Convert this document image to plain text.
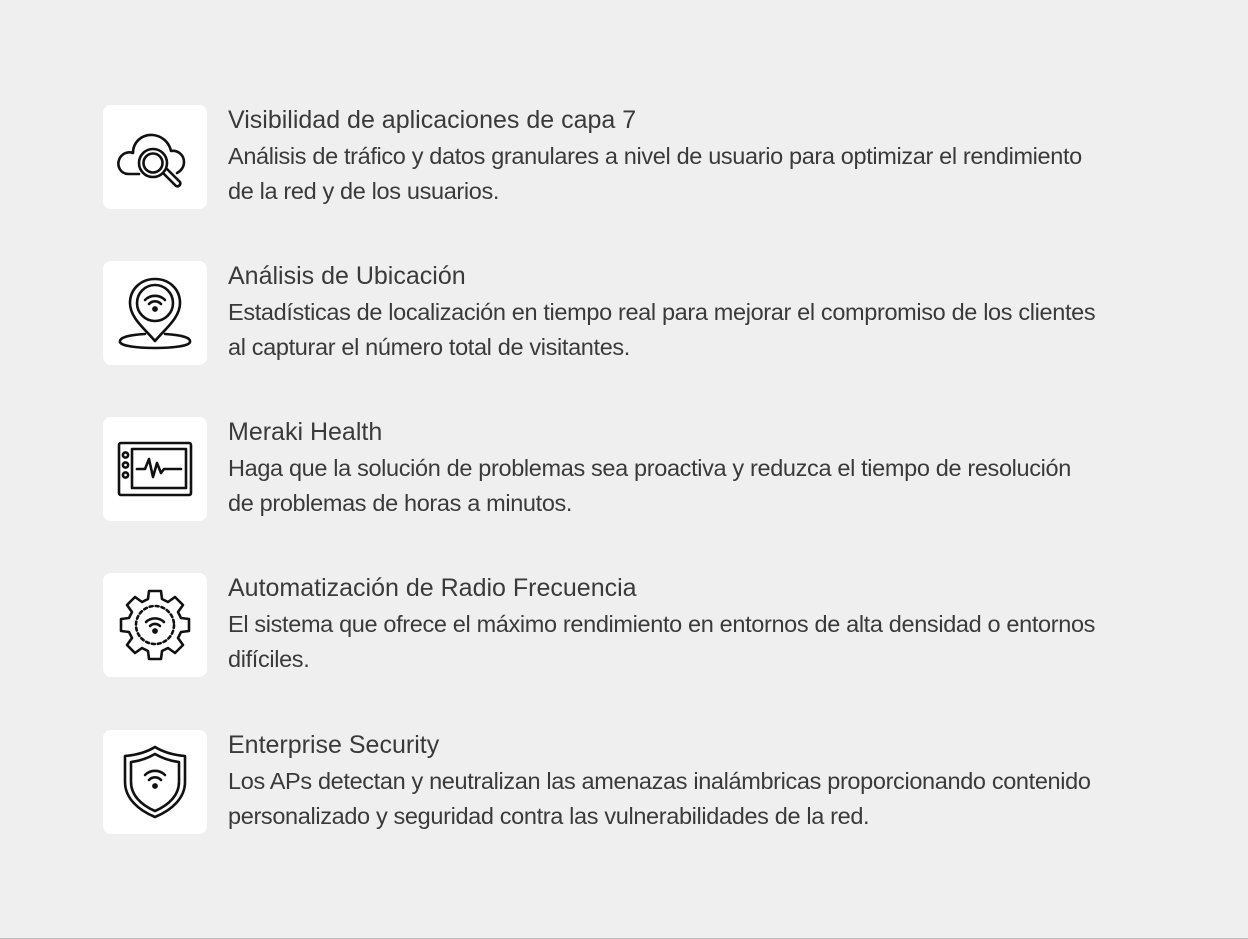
Visibilidad de aplicaciones de capa 7

Análisis de tráfico y datos granulares a nivel de usuario para optimizar el rendimiento de la red y de los usuarios.

Análisis de Ubicación

Estadísticas de localización en tiempo real para mejorar el compromiso de los clientes al capturar el número total de visitantes.

Meraki Health

Haga que la solución de problemas sea proactiva y reduzca el tiempo de resolución de problemas de horas a minutos.

Automatización de Radio Frecuencia

El sistema que ofrece el máximo rendimiento en entornos de alta densidad o entornos difíciles.

Enterprise Security

Los APs detectan y neutralizan las amenazas inalámbricas proporcionando contenido personalizado y seguridad contra las vulnerabilidades de la red.
